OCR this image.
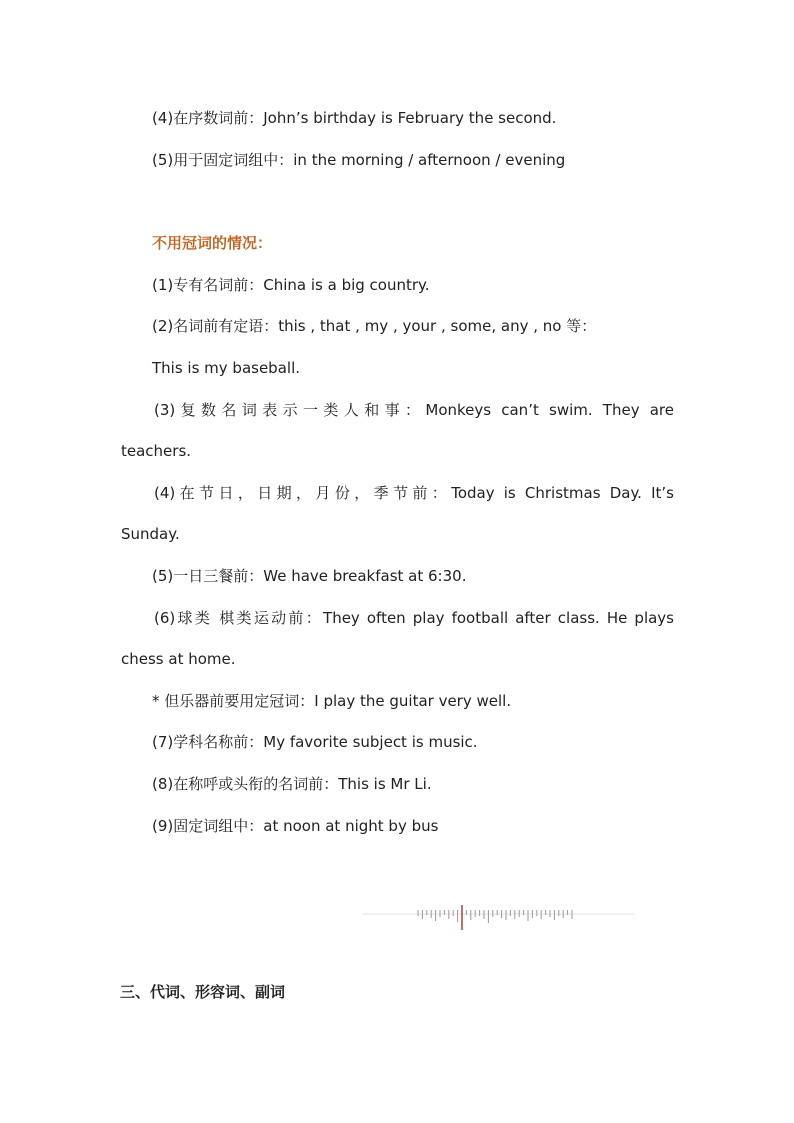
(4)在序数词前：John’s birthday is February the second.
(5)用于固定词组中：in the morning / afternoon / evening
不用冠词的情况：
(1)专有名词前：China is a big country.
(2)名词前有定语：this , that , my , your , some, any , no 等：
This is my baseball.
(3)复数名词表示一类人和事：Monkeys can’t swim. They are
teachers.
(4)在节日，日期，月份，季节前：Today is Christmas Day. It’s
Sunday.
(5)一日三餐前：We have breakfast at 6:30.
(6)球类 棋类运动前：They often play football after class. He plays
chess at home.
* 但乐器前要用定冠词：I play the guitar very well.
(7)学科名称前：My favorite subject is music.
(8)在称呼或头衔的名词前：This is Mr Li.
(9)固定词组中：at noon at night by bus
三、代词、形容词、副词
